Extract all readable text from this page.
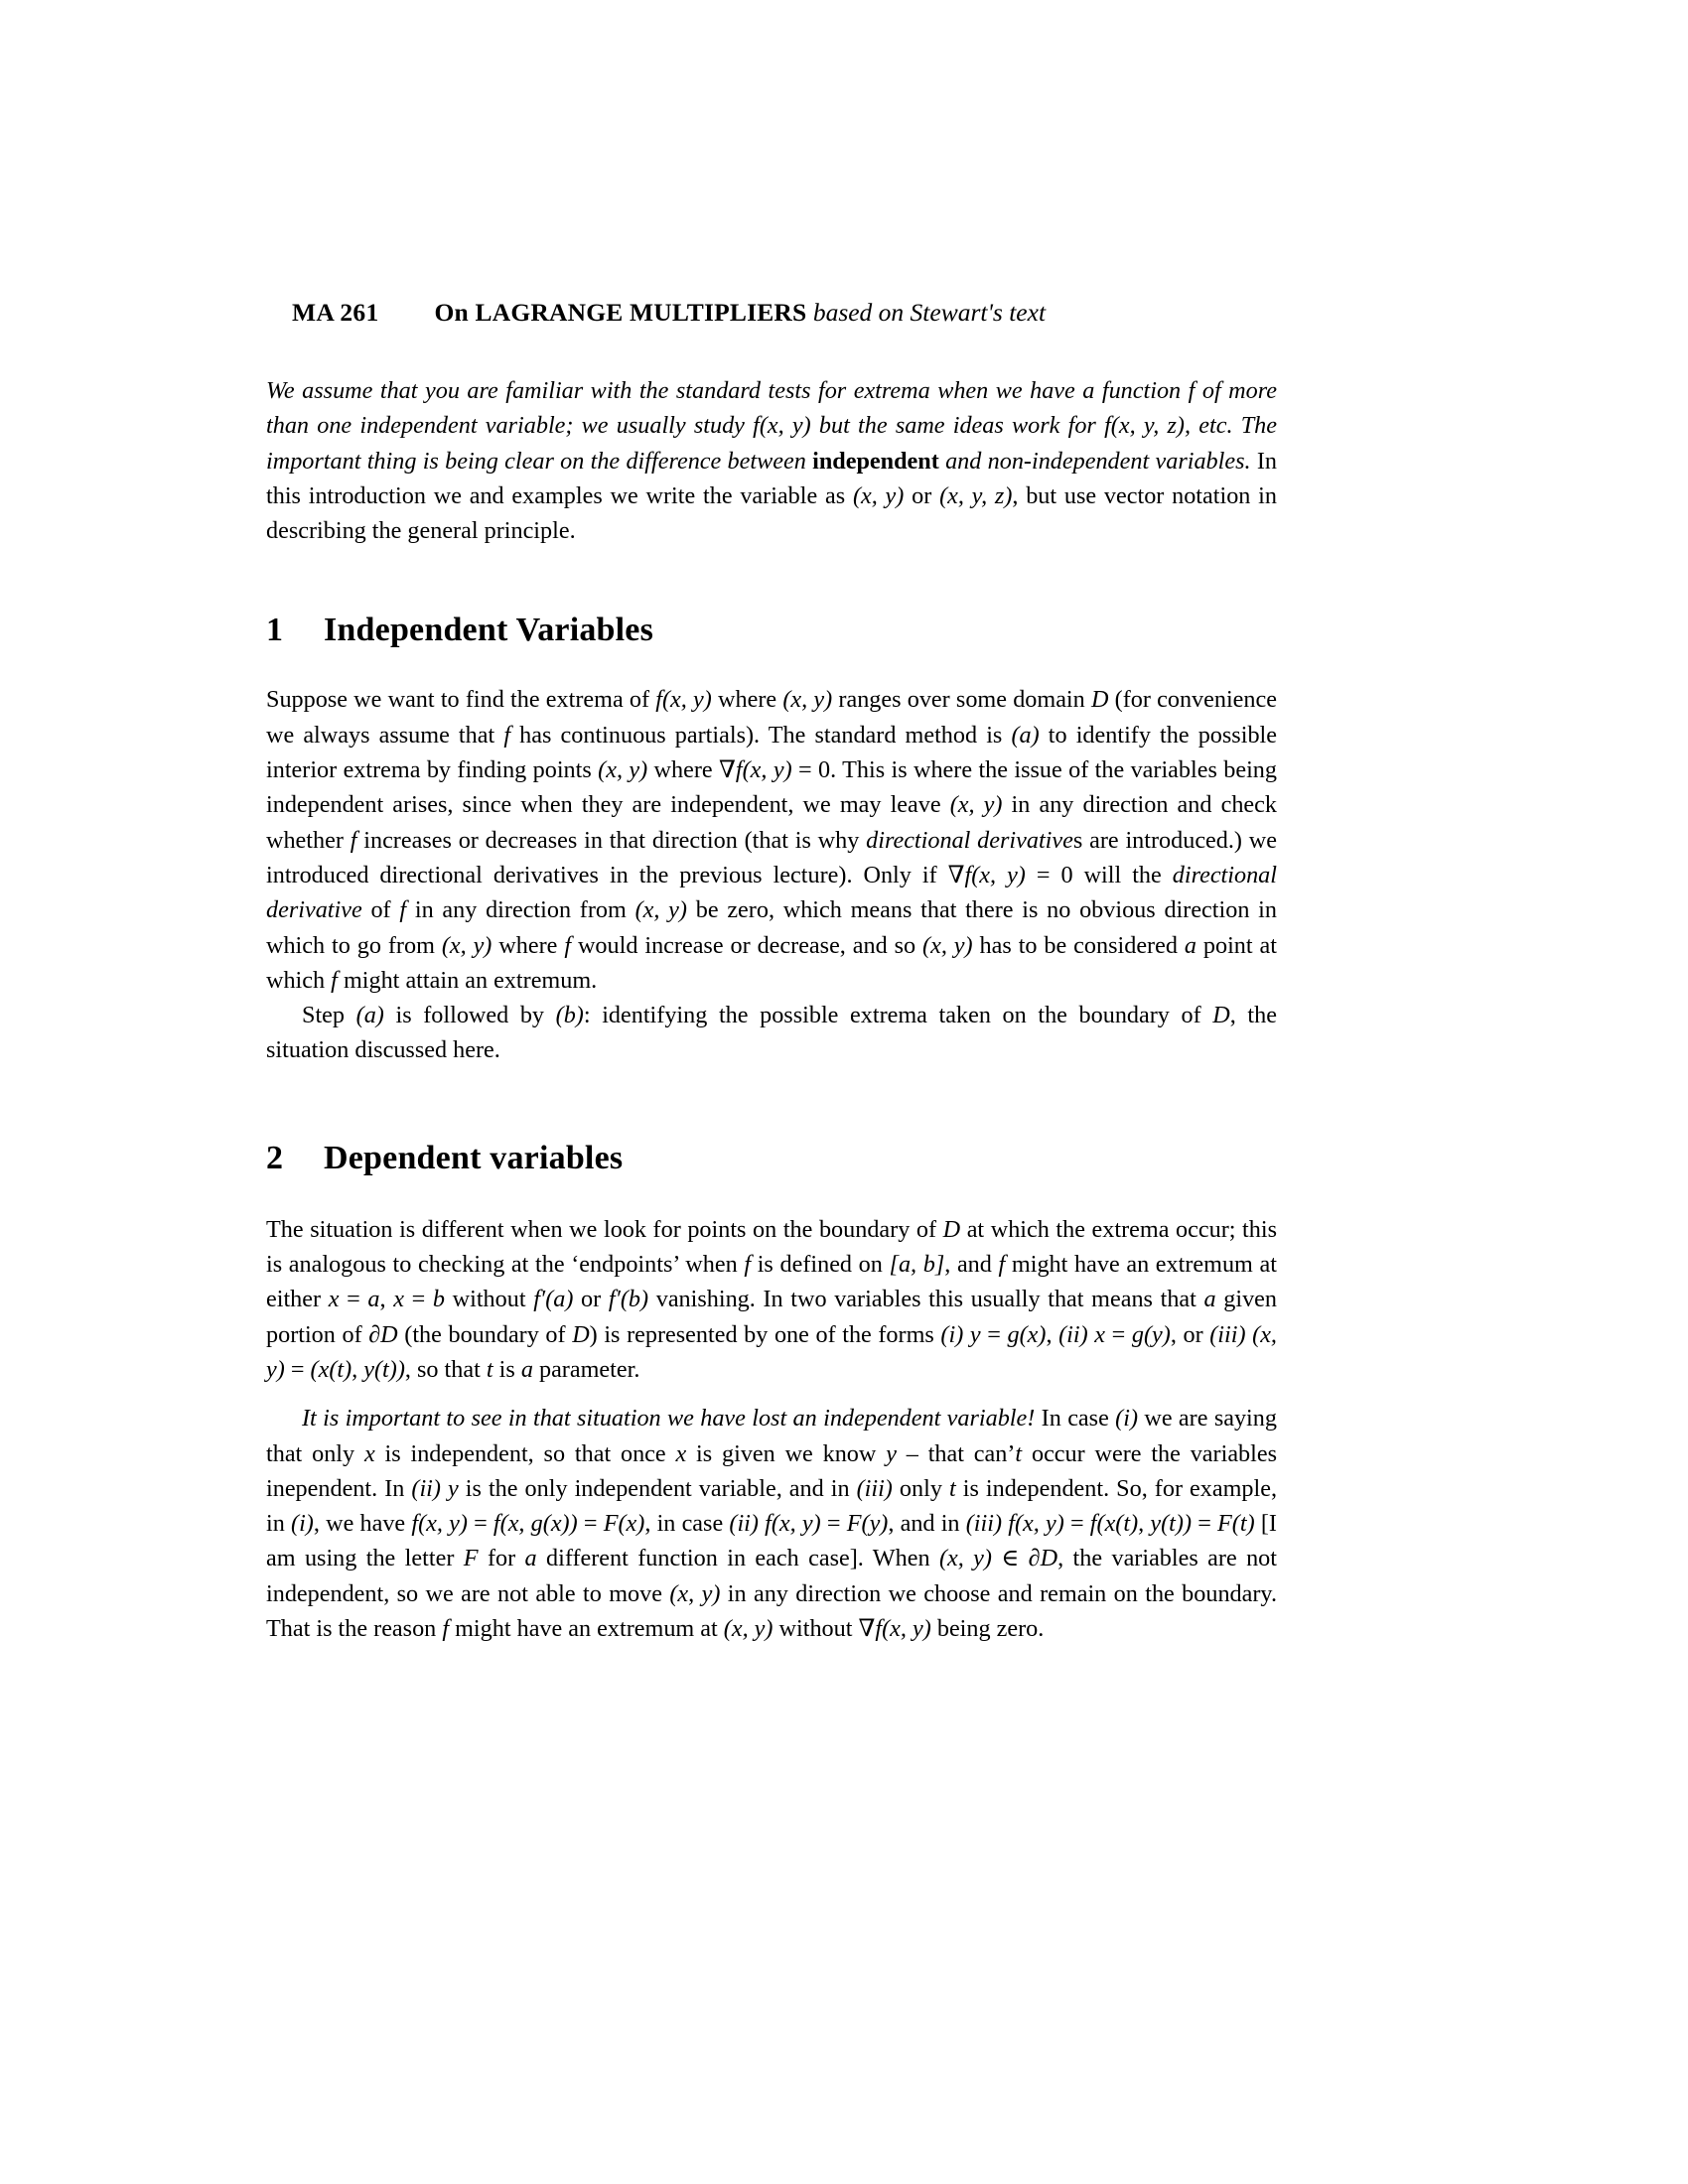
MA 261 On LAGRANGE MULTIPLIERS based on Stewart's text

We assume that you are familiar with the standard tests for extrema when we have a function f of more than one independent variable; we usually study f(x, y) but the same ideas work for f(x, y, z), etc. The important thing is being clear on the difference between independent and non-independent variables. In this introduction we and examples we write the variable as (x, y) or (x, y, z), but use vector notation in describing the general principle.

1 Independent Variables

Suppose we want to find the extrema of f(x, y) where (x, y) ranges over some domain D (for convenience we always assume that f has continuous partials). The standard method is (a) to identify the possible interior extrema by finding points (x, y) where ∇f(x, y) = 0. This is where the issue of the variables being independent arises, since when they are independent, we may leave (x, y) in any direction and check whether f increases or decreases in that direction (that is why directional derivatives are introduced.) we introduced directional derivatives in the previous lecture). Only if ∇f(x, y) = 0 will the directional derivative of f in any direction from (x, y) be zero, which means that there is no obvious direction in which to go from (x, y) where f would increase or decrease, and so (x, y) has to be considered a point at which f might attain an extremum.

Step (a) is followed by (b): identifying the possible extrema taken on the boundary of D, the situation discussed here.

2 Dependent variables

The situation is different when we look for points on the boundary of D at which the extrema occur; this is analogous to checking at the ‘endpoints’ when f is defined on [a, b], and f might have an extremum at either x = a, x = b without f′(a) or f′(b) vanishing. In two variables this usually that means that a given portion of ∂D (the boundary of D) is represented by one of the forms (i) y = g(x), (ii) x = g(y), or (iii) (x, y) = (x(t), y(t)), so that t is a parameter.

It is important to see in that situation we have lost an independent variable! In case (i) we are saying that only x is independent, so that once x is given we know y – that can’t occur were the variables inependent. In (ii) y is the only independent variable, and in (iii) only t is independent. So, for example, in (i), we have f(x, y) = f(x, g(x)) = F(x), in case (ii) f(x, y) = F(y), and in (iii) f(x, y) = f(x(t), y(t)) = F(t) [I am using the letter F for a different function in each case]. When (x, y) ∈ ∂D, the variables are not independent, so we are not able to move (x, y) in any direction we choose and remain on the boundary. That is the reason f might have an extremum at (x, y) without ∇f(x, y) being zero.
